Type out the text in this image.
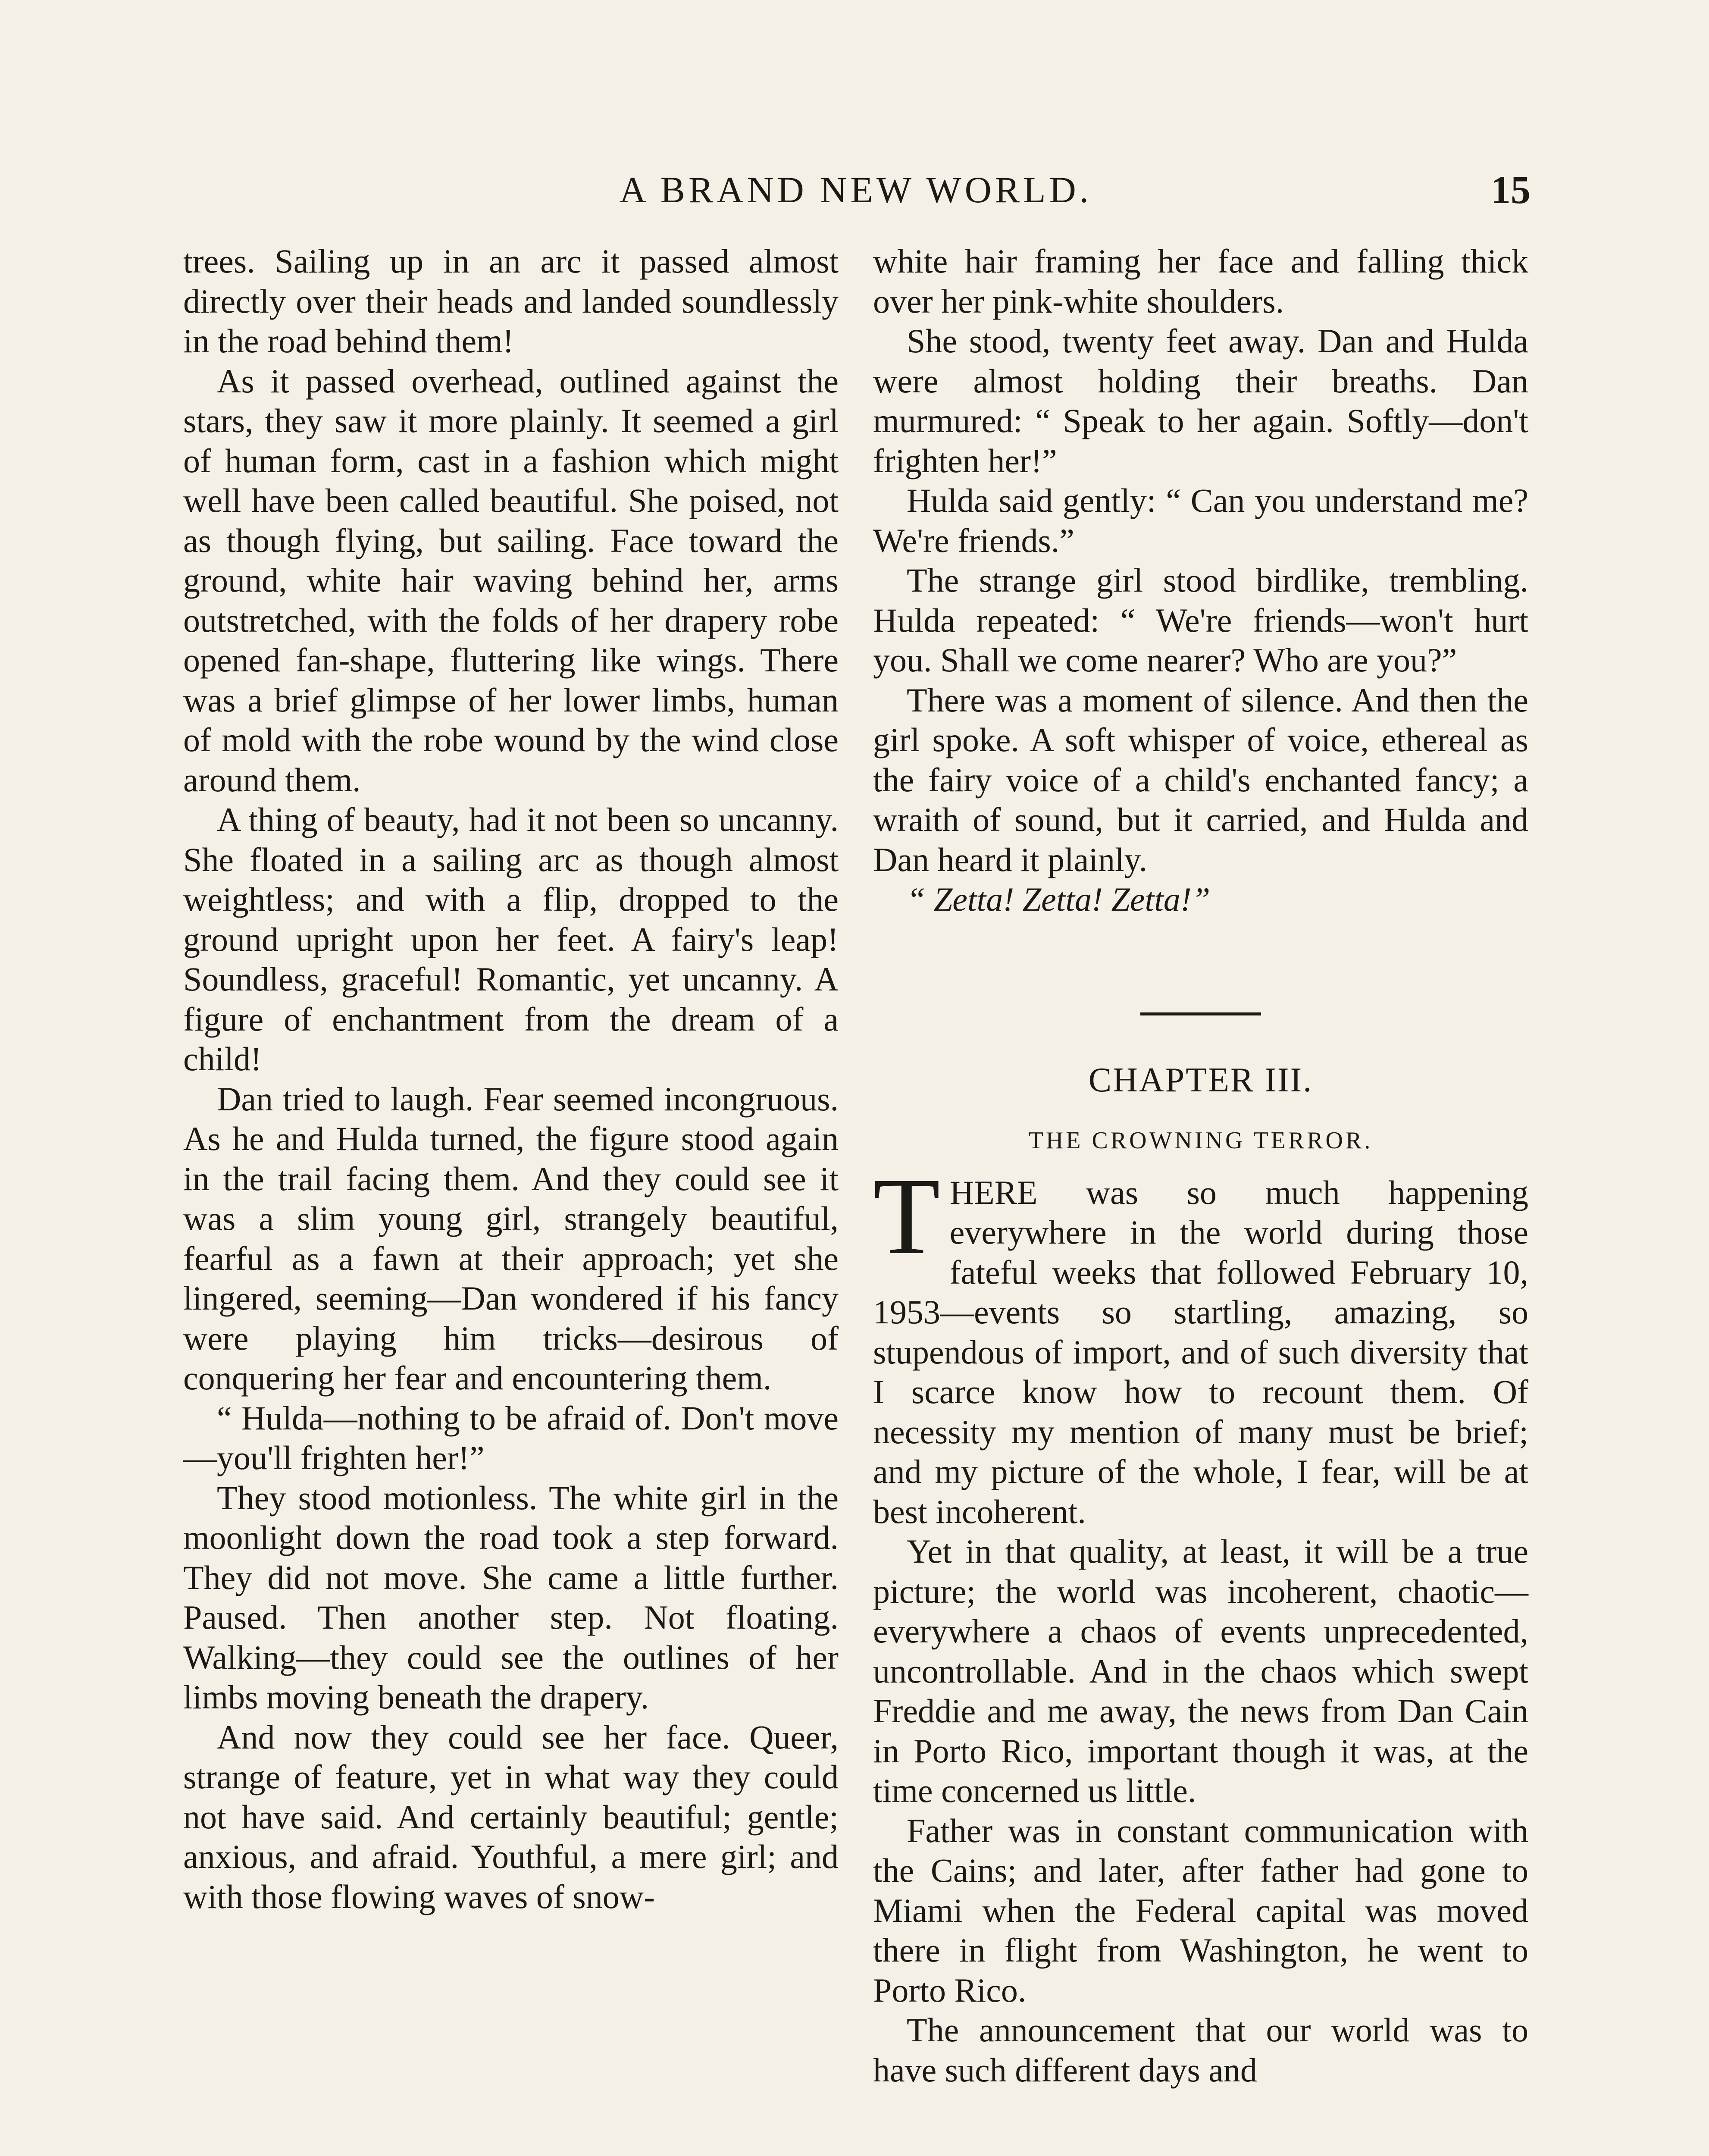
A BRAND NEW WORLD.	15

trees. Sailing up in an arc it passed almost directly over their heads and landed soundlessly in the road behind them!

As it passed overhead, outlined against the stars, they saw it more plainly. It seemed a girl of human form, cast in a fashion which might well have been called beautiful. She poised, not as though flying, but sailing. Face toward the ground, white hair waving behind her, arms outstretched, with the folds of her drapery robe opened fan-shape, fluttering like wings. There was a brief glimpse of her lower limbs, human of mold with the robe wound by the wind close around them.

A thing of beauty, had it not been so uncanny. She floated in a sailing arc as though almost weightless; and with a flip, dropped to the ground upright upon her feet. A fairy's leap! Soundless, graceful! Romantic, yet uncanny. A figure of enchantment from the dream of a child!

Dan tried to laugh. Fear seemed incongruous. As he and Hulda turned, the figure stood again in the trail facing them. And they could see it was a slim young girl, strangely beautiful, fearful as a fawn at their approach; yet she lingered, seeming—Dan wondered if his fancy were playing him tricks—desirous of conquering her fear and encountering them.

“ Hulda—nothing to be afraid of. Don't move—you'll frighten her!”

They stood motionless. The white girl in the moonlight down the road took a step forward. They did not move. She came a little further. Paused. Then another step. Not floating. Walking—they could see the outlines of her limbs moving beneath the drapery.

And now they could see her face. Queer, strange of feature, yet in what way they could not have said. And certainly beautiful; gentle; anxious, and afraid. Youthful, a mere girl; and with those flowing waves of snow-

white hair framing her face and falling thick over her pink-white shoulders.

She stood, twenty feet away. Dan and Hulda were almost holding their breaths. Dan murmured: “ Speak to her again. Softly—don't frighten her!”

Hulda said gently: “ Can you understand me? We're friends.”

The strange girl stood birdlike, trembling. Hulda repeated: “ We're friends—won't hurt you. Shall we come nearer? Who are you?”

There was a moment of silence. And then the girl spoke. A soft whisper of voice, ethereal as the fairy voice of a child's enchanted fancy; a wraith of sound, but it carried, and Hulda and Dan heard it plainly.

“ Zetta! Zetta! Zetta!”

CHAPTER III.
THE CROWNING TERROR.

THERE was so much happening everywhere in the world during those fateful weeks that followed February 10, 1953—events so startling, amazing, so stupendous of import, and of such diversity that I scarce know how to recount them. Of necessity my mention of many must be brief; and my picture of the whole, I fear, will be at best incoherent.

Yet in that quality, at least, it will be a true picture; the world was incoherent, chaotic—everywhere a chaos of events unprecedented, uncontrollable. And in the chaos which swept Freddie and me away, the news from Dan Cain in Porto Rico, important though it was, at the time concerned us little.

Father was in constant communication with the Cains; and later, after father had gone to Miami when the Federal capital was moved there in flight from Washington, he went to Porto Rico.

The announcement that our world was to have such different days and
